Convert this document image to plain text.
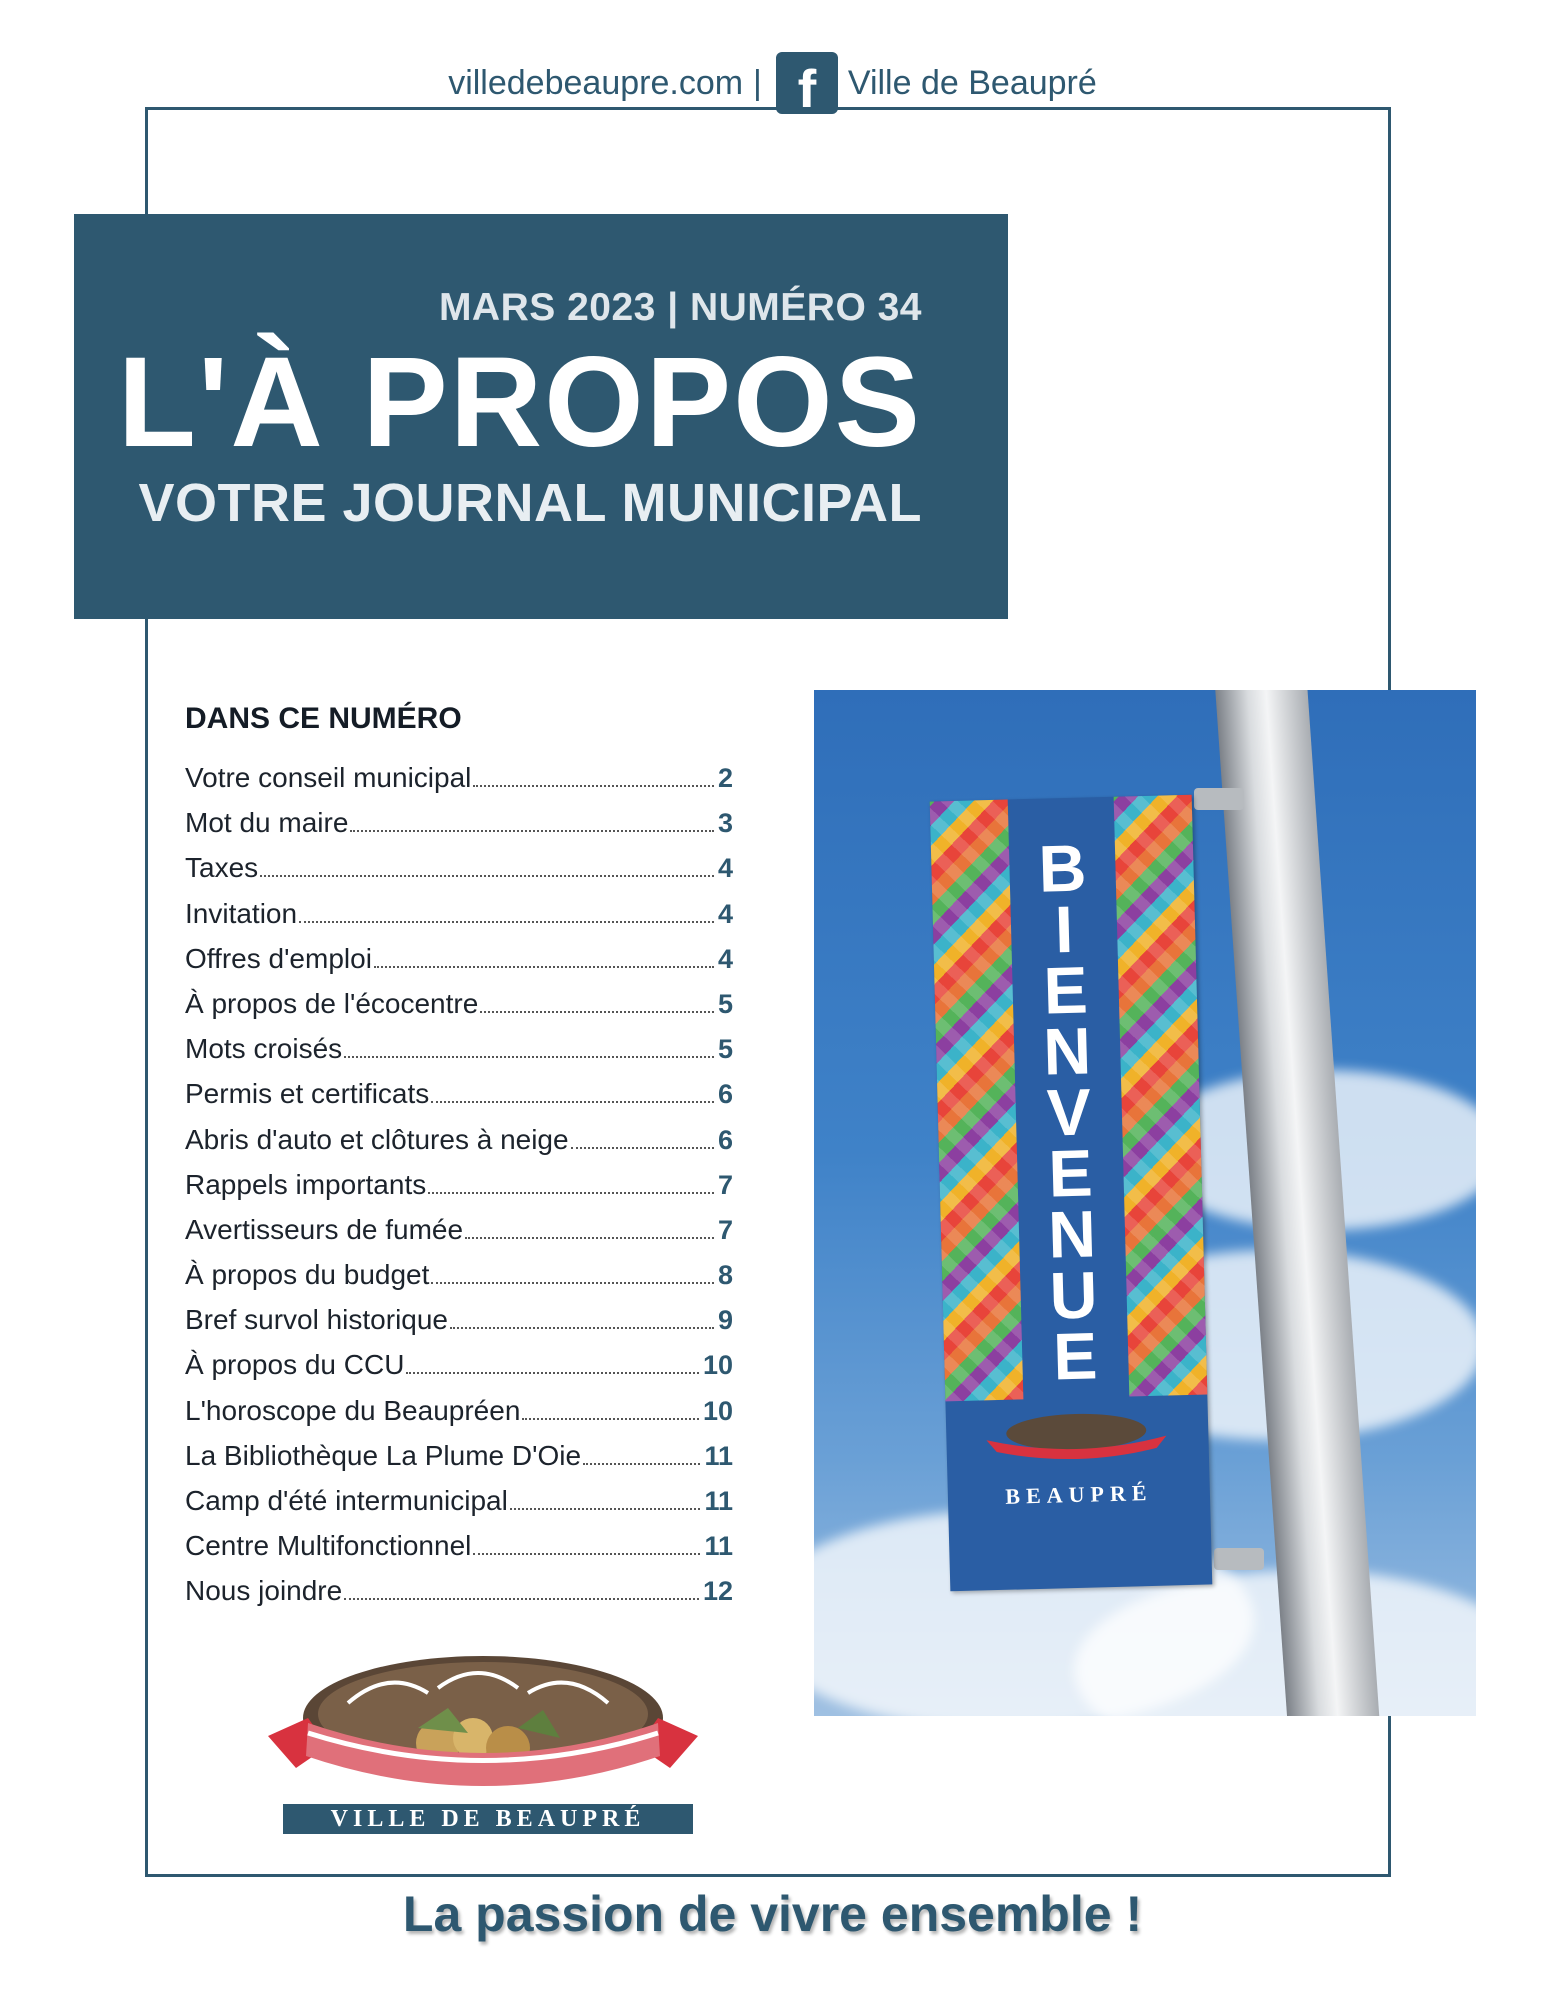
villedebeaupre.com | f Ville de Beaupré
MARS 2023 | NUMÉRO 34
L'À PROPOS
VOTRE JOURNAL MUNICIPAL
DANS CE NUMÉRO
Votre conseil municipal	2
Mot du maire	3
Taxes	4
Invitation	4
Offres d'emploi	4
À propos de l'écocentre	5
Mots croisés	5
Permis et certificats	6
Abris d'auto et clôtures à neige	6
Rappels importants	7
Avertisseurs de fumée	7
À propos du budget	8
Bref survol historique	9
À propos du CCU	10
L'horoscope du Beaupréen	10
La Bibliothèque La Plume D'Oie	11
Camp d'été intermunicipal	11
Centre Multifonctionnel	11
Nous joindre	12
B
I
E
N
V
E
N
U
E
BEAUPRÉ
VILLE DE BEAUPRÉ
La passion de vivre ensemble !
